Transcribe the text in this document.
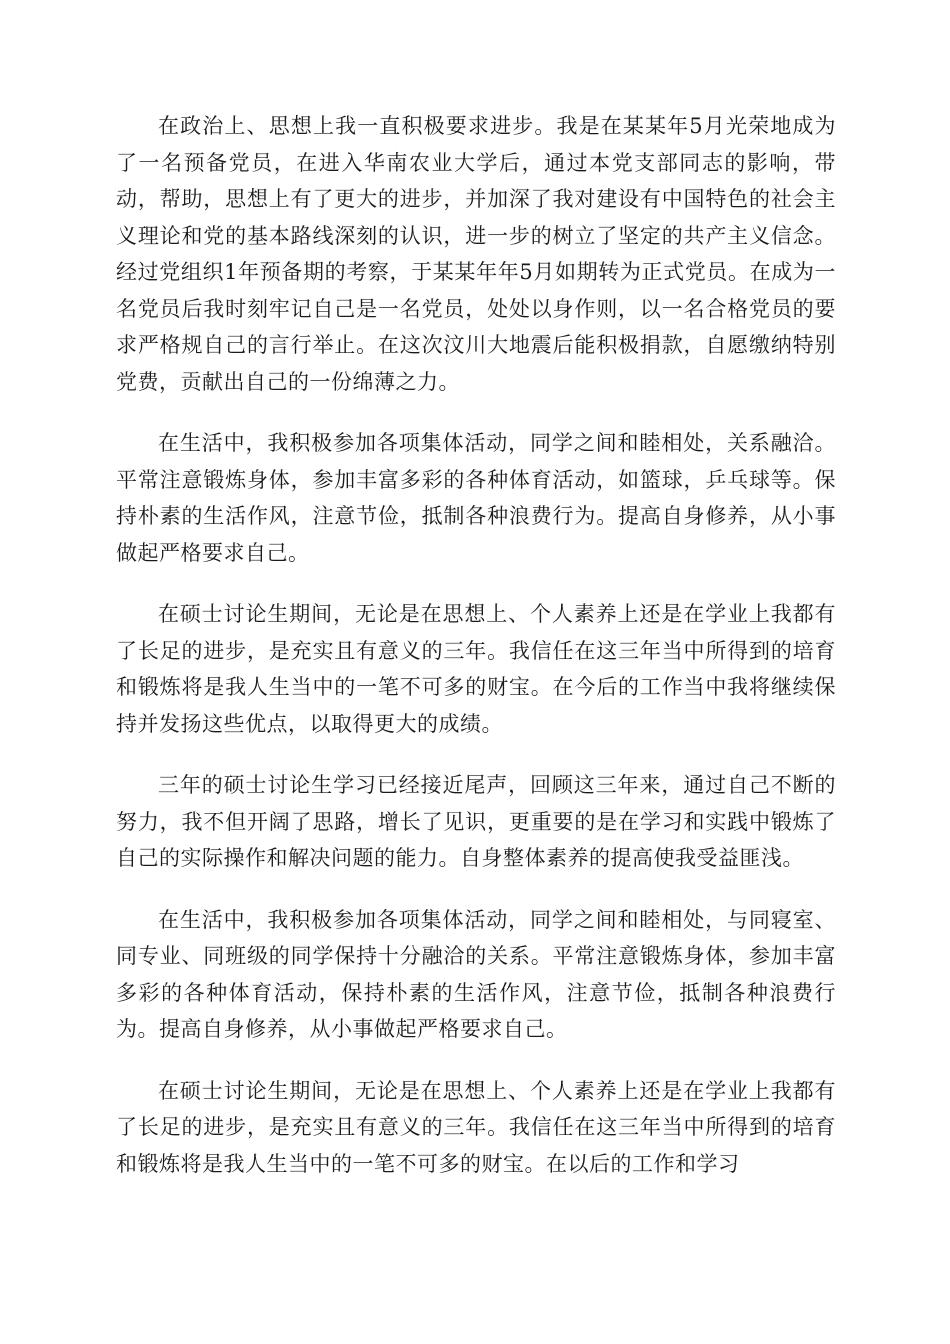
在政治上、思想上我一直积极要求进步。我是在某某年5月光荣地成为了一名预备党员，在进入华南农业大学后，通过本党支部同志的影响，带动，帮助，思想上有了更大的进步，并加深了我对建设有中国特色的社会主义理论和党的基本路线深刻的认识，进一步的树立了坚定的共产主义信念。经过党组织1年预备期的考察，于某某年年5月如期转为正式党员。在成为一名党员后我时刻牢记自己是一名党员，处处以身作则，以一名合格党员的要求严格规自己的言行举止。在这次汶川大地震后能积极捐款，自愿缴纳特别党费，贡献出自己的一份绵薄之力。

在生活中，我积极参加各项集体活动，同学之间和睦相处，关系融洽。平常注意锻炼身体，参加丰富多彩的各种体育活动，如篮球，乒乓球等。保持朴素的生活作风，注意节俭，抵制各种浪费行为。提高自身修养，从小事做起严格要求自己。

在硕士讨论生期间，无论是在思想上、个人素养上还是在学业上我都有了长足的进步，是充实且有意义的三年。我信任在这三年当中所得到的培育和锻炼将是我人生当中的一笔不可多的财宝。在今后的工作当中我将继续保持并发扬这些优点，以取得更大的成绩。

三年的硕士讨论生学习已经接近尾声，回顾这三年来，通过自己不断的努力，我不但开阔了思路，增长了见识，更重要的是在学习和实践中锻炼了自己的实际操作和解决问题的能力。自身整体素养的提高使我受益匪浅。

在生活中，我积极参加各项集体活动，同学之间和睦相处，与同寝室、同专业、同班级的同学保持十分融洽的关系。平常注意锻炼身体，参加丰富多彩的各种体育活动，保持朴素的生活作风，注意节俭，抵制各种浪费行为。提高自身修养，从小事做起严格要求自己。

在硕士讨论生期间，无论是在思想上、个人素养上还是在学业上我都有了长足的进步，是充实且有意义的三年。我信任在这三年当中所得到的培育和锻炼将是我人生当中的一笔不可多的财宝。在以后的工作和学习
